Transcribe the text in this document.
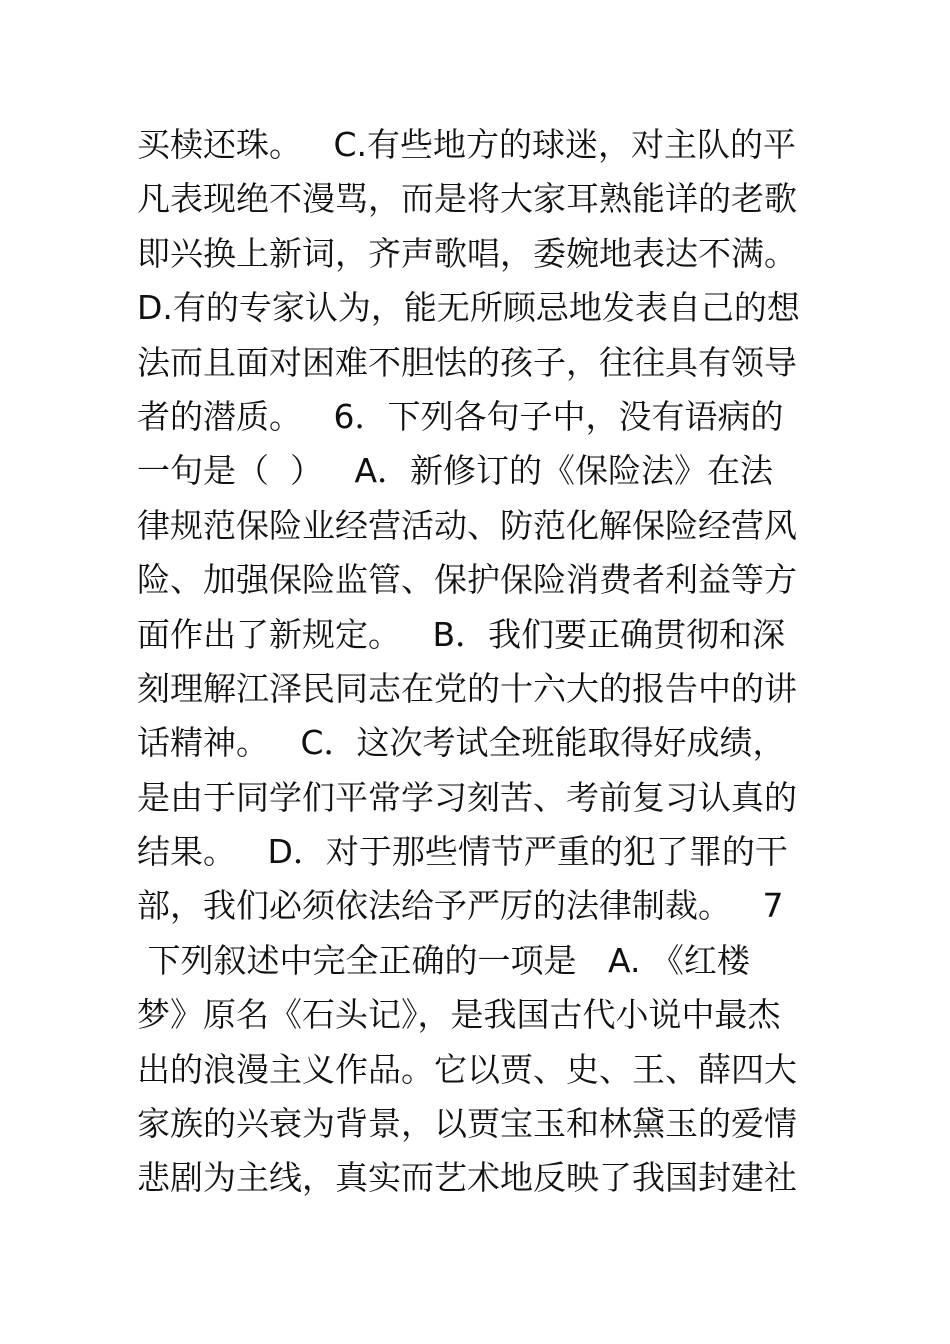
买椟还珠。   C.有些地方的球迷，对主队的平
凡表现绝不漫骂，而是将大家耳熟能详的老歌
即兴换上新词，齐声歌唱，委婉地表达不满。
D.有的专家认为，能无所顾忌地发表自己的想
法而且面对困难不胆怯的孩子，往往具有领导
者的潜质。   6．下列各句子中，没有语病的
一句是（  ）   A．新修订的《保险法》在法
律规范保险业经营活动、防范化解保险经营风
险、加强保险监管、保护保险消费者利益等方
面作出了新规定。   B．我们要正确贯彻和深
刻理解江泽民同志在党的十六大的报告中的讲
话精神。   C．这次考试全班能取得好成绩，
是由于同学们平常学习刻苦、考前复习认真的
结果。   D．对于那些情节严重的犯了罪的干
部，我们必须依法给予严厉的法律制裁。   7
下列叙述中完全正确的一项是   A. 《红楼
梦》原名《石头记》，是我国古代小说中最杰
出的浪漫主义作品。它以贾、史、王、薛四大
家族的兴衰为背景，以贾宝玉和林黛玉的爱情
悲剧为主线，真实而艺术地反映了我国封建社
